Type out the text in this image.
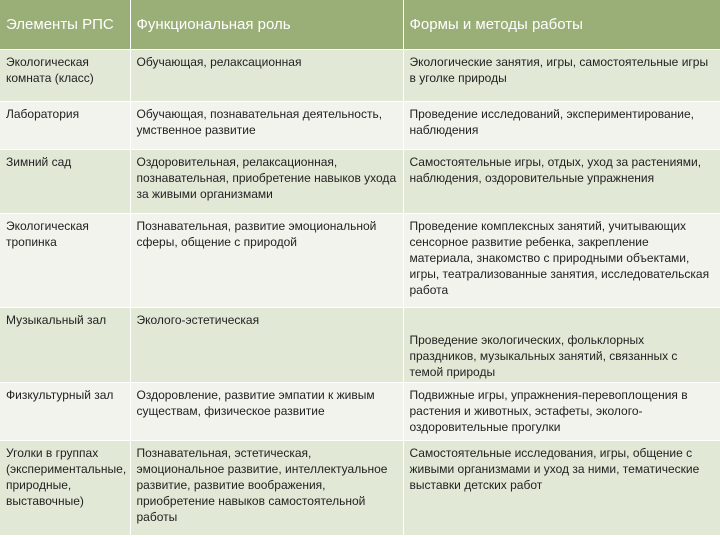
Элементы РПС	Функциональная роль	Формы и методы работы
Экологическая комната (класс)	Обучающая, релаксационная	Экологические занятия, игры, самостоятельные игры в уголке природы
Лаборатория	Обучающая, познавательная деятельность, умственное развитие	Проведение исследований, экспериментирование, наблюдения
Зимний сад	Оздоровительная, релаксационная, познавательная, приобретение навыков ухода за живыми организмами	Самостоятельные игры, отдых, уход за растениями, наблюдения, оздоровительные упражнения
Экологическая тропинка	Познавательная, развитие эмоциональной сферы, общение с природой	Проведение комплексных занятий, учитывающих сенсорное развитие ребенка, закрепление материала, знакомство с природными объектами, игры, театрализованные занятия, исследовательская работа
Музыкальный зал	Эколого-эстетическая	Проведение экологических, фольклорных праздников, музыкальных занятий, связанных с темой природы
Физкультурный зал	Оздоровление, развитие эмпатии к живым существам, физическое развитие	Подвижные игры, упражнения-перевоплощения в растения и животных, эстафеты, эколого-оздоровительные прогулки
Уголки в группах (экспериментальные, природные, выставочные)	Познавательная, эстетическая, эмоциональное развитие, интеллектуальное развитие, развитие воображения, приобретение навыков самостоятельной работы	Самостоятельные исследования, игры, общение с живыми организмами и уход за ними, тематические выставки детских работ
